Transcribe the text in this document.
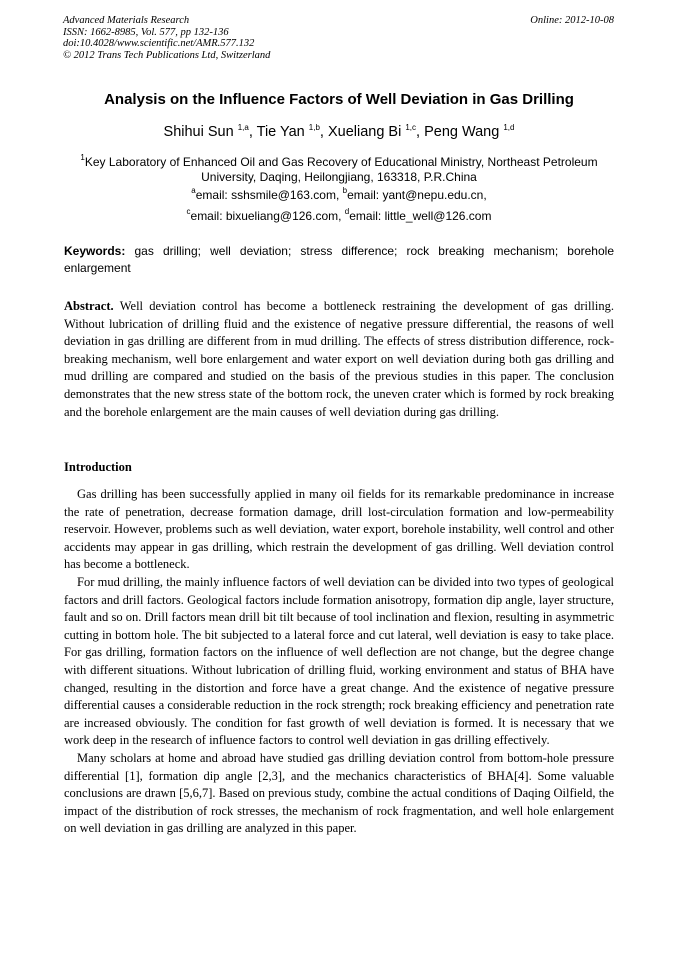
Advanced Materials Research
ISSN: 1662-8985, Vol. 577, pp 132-136
doi:10.4028/www.scientific.net/AMR.577.132
© 2012 Trans Tech Publications Ltd, Switzerland
Online: 2012-10-08
Analysis on the Influence Factors of Well Deviation in Gas Drilling
Shihui Sun $^{1,a}$, Tie Yan $^{1,b}$, Xueliang Bi $^{1,c}$, Peng Wang $^{1,d}$
$^1$Key Laboratory of Enhanced Oil and Gas Recovery of Educational Ministry, Northeast Petroleum University, Daqing, Heilongjiang, 163318, P.R.China
$^a$email: sshsmile@163.com, $^b$email: yant@nepu.edu.cn,
$^c$email: bixueliang@126.com, $^d$email: little_well@126.com
Keywords: gas drilling; well deviation; stress difference; rock breaking mechanism; borehole enlargement

Abstract. Well deviation control has become a bottleneck restraining the development of gas drilling. Without lubrication of drilling fluid and the existence of negative pressure differential, the reasons of well deviation in gas drilling are different from in mud drilling. The effects of stress distribution difference, rock-breaking mechanism, well bore enlargement and water export on well deviation during both gas drilling and mud drilling are compared and studied on the basis of the previous studies in this paper. The conclusion demonstrates that the new stress state of the bottom rock, the uneven crater which is formed by rock breaking and the borehole enlargement are the main causes of well deviation during gas drilling.

Introduction

Gas drilling has been successfully applied in many oil fields for its remarkable predominance in increase the rate of penetration, decrease formation damage, drill lost-circulation formation and low-permeability reservoir. However, problems such as well deviation, water export, borehole instability, well control and other accidents may appear in gas drilling, which restrain the development of gas drilling. Well deviation control has become a bottleneck.

For mud drilling, the mainly influence factors of well deviation can be divided into two types of geological factors and drill factors. Geological factors include formation anisotropy, formation dip angle, layer structure, fault and so on. Drill factors mean drill bit tilt because of tool inclination and flexion, resulting in asymmetric cutting in bottom hole. The bit subjected to a lateral force and cut lateral, well deviation is easy to take place. For gas drilling, formation factors on the influence of well deflection are not change, but the degree change with different situations. Without lubrication of drilling fluid, working environment and status of BHA have changed, resulting in the distortion and force have a great change. And the existence of negative pressure differential causes a considerable reduction in the rock strength; rock breaking efficiency and penetration rate are increased obviously. The condition for fast growth of well deviation is formed. It is necessary that we work deep in the research of influence factors to control well deviation in gas drilling effectively.

Many scholars at home and abroad have studied gas drilling deviation control from bottom-hole pressure differential [1], formation dip angle [2,3], and the mechanics characteristics of BHA[4]. Some valuable conclusions are drawn [5,6,7]. Based on previous study, combine the actual conditions of Daqing Oilfield, the impact of the distribution of rock stresses, the mechanism of rock fragmentation, and well hole enlargement on well deviation in gas drilling are analyzed in this paper.
